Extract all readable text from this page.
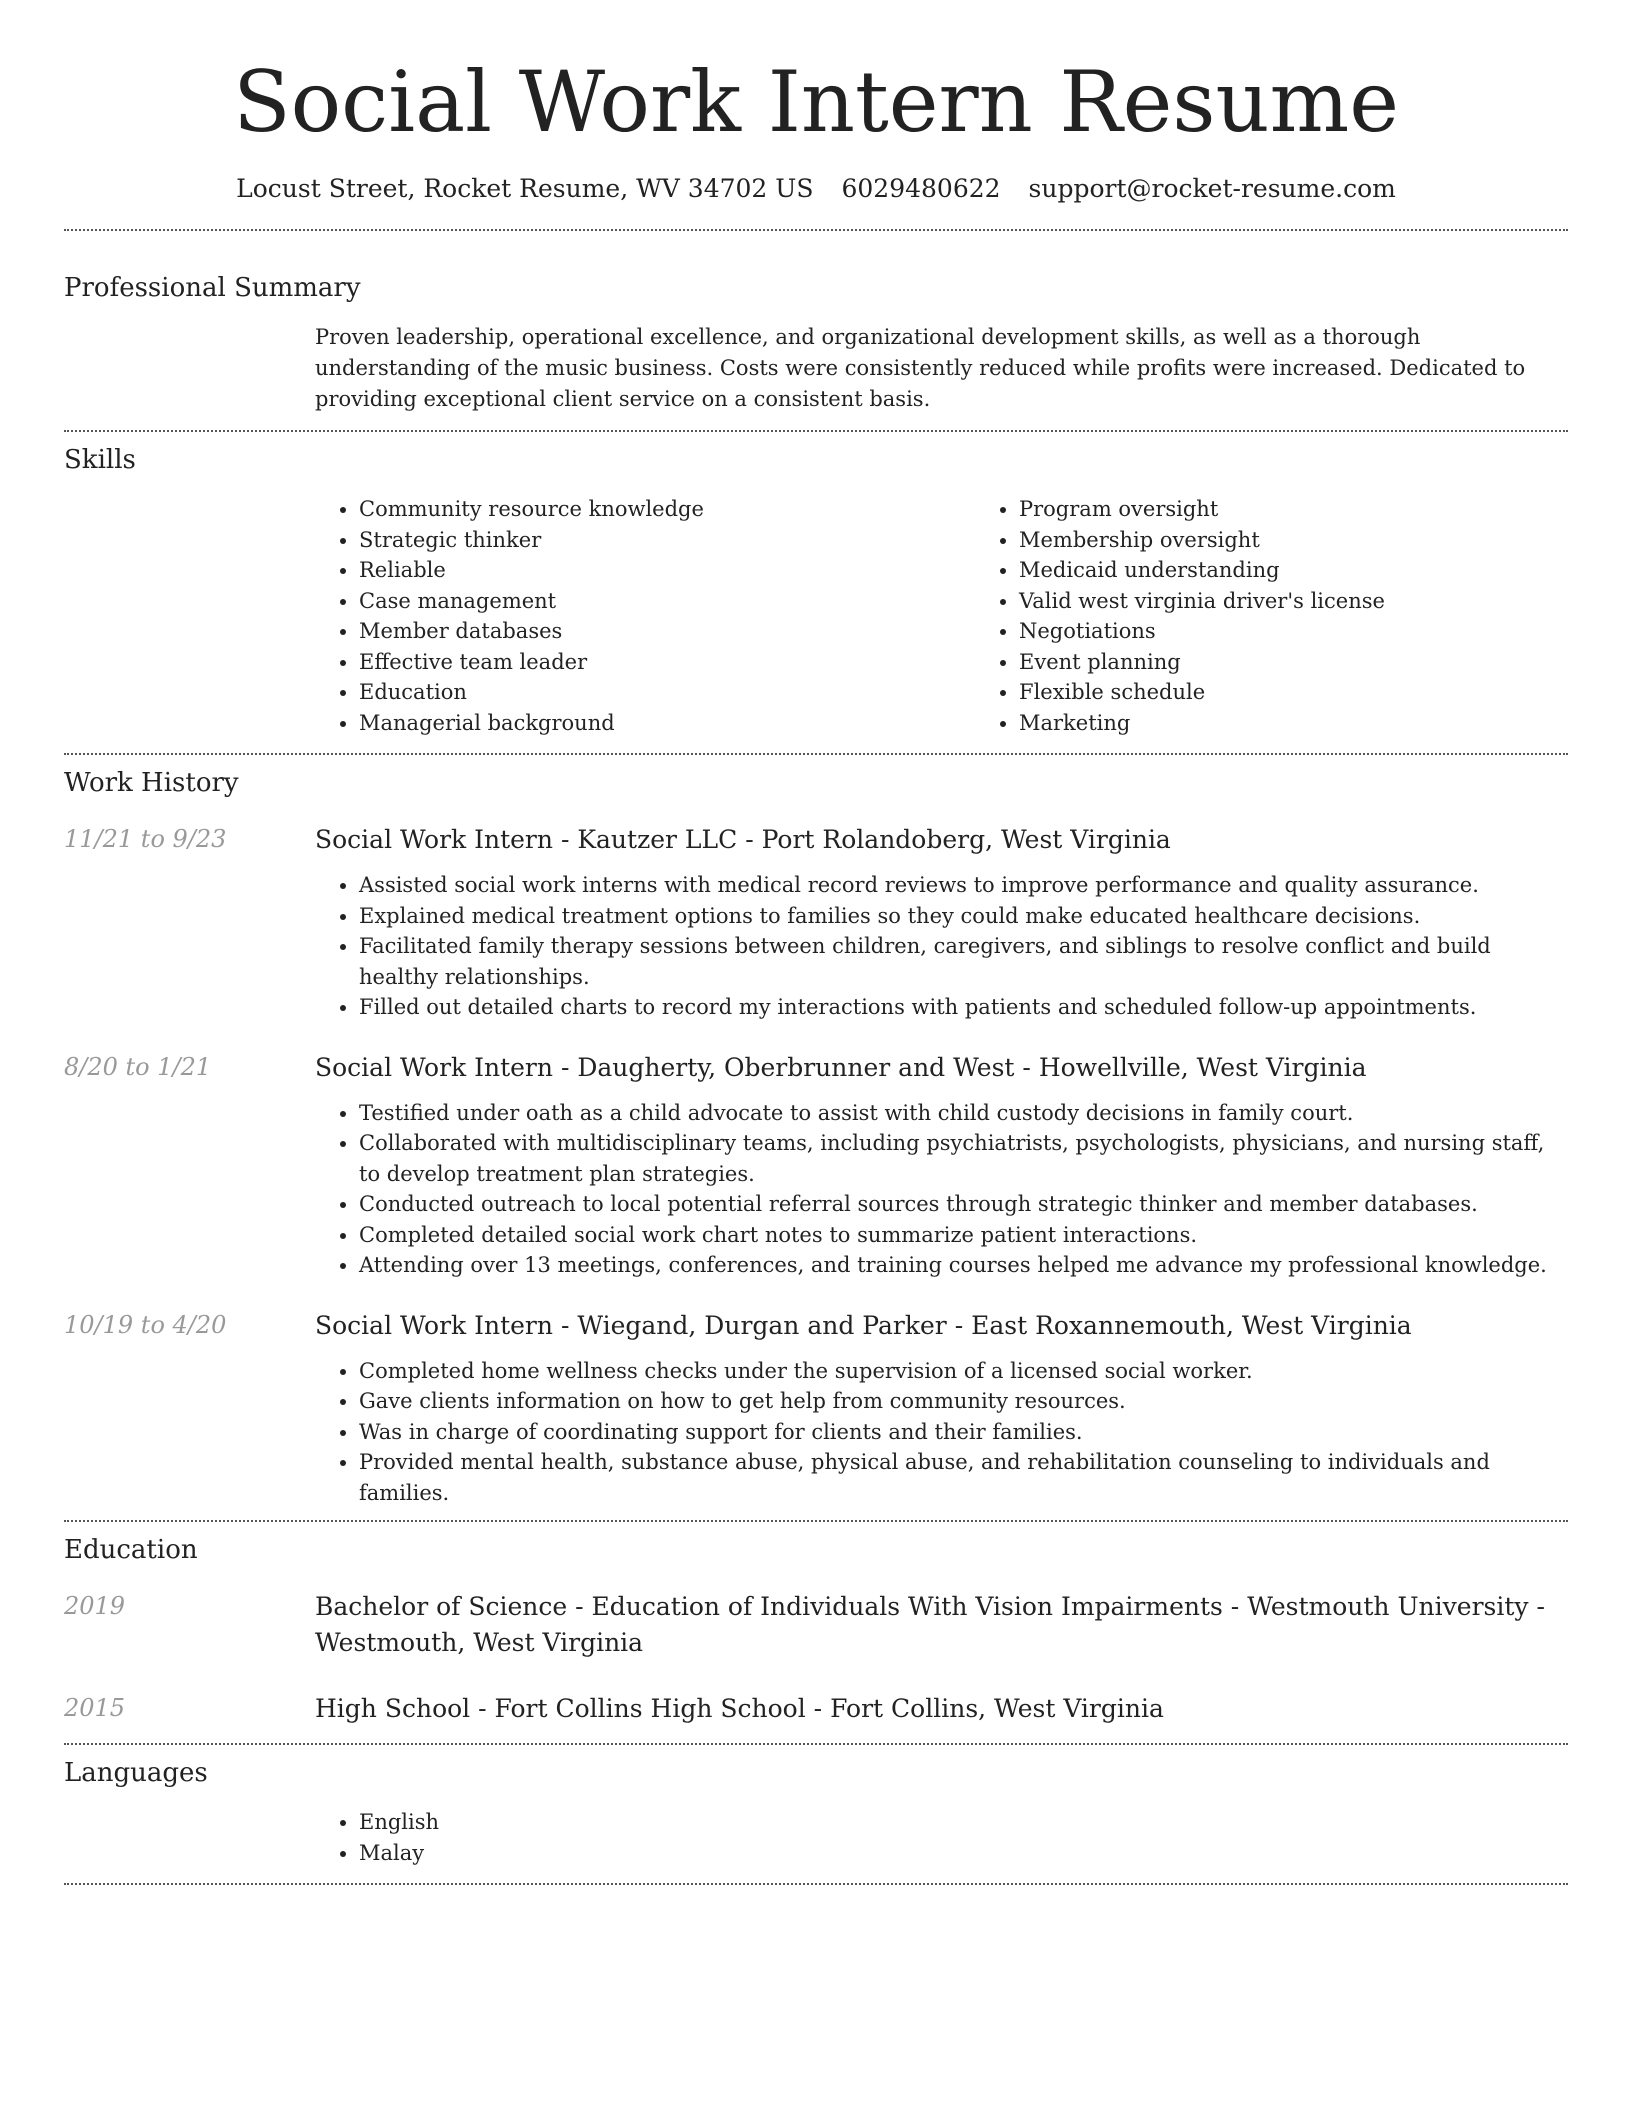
Social Work Intern Resume
Locust Street, Rocket Resume, WV 34702 US 6029480622 support@rocket-resume.com
Professional Summary

Proven leadership, operational excellence, and organizational development skills, as well as a thorough understanding of the music business. Costs were consistently reduced while profits were increased. Dedicated to providing exceptional client service on a consistent basis.

Skills
• Community resource knowledge
• Strategic thinker
• Reliable
• Case management
• Member databases
• Effective team leader
• Education
• Managerial background
• Program oversight
• Membership oversight
• Medicaid understanding
• Valid west virginia driver's license
• Negotiations
• Event planning
• Flexible schedule
• Marketing
Work History
11/21 to 9/23	Social Work Intern - Kautzer LLC - Port Rolandoberg, West Virginia
• Assisted social work interns with medical record reviews to improve performance and quality assurance.
• Explained medical treatment options to families so they could make educated healthcare decisions.
• Facilitated family therapy sessions between children, caregivers, and siblings to resolve conflict and build healthy relationships.
• Filled out detailed charts to record my interactions with patients and scheduled follow-up appointments.
8/20 to 1/21	Social Work Intern - Daugherty, Oberbrunner and West - Howellville, West Virginia
• Testified under oath as a child advocate to assist with child custody decisions in family court.
• Collaborated with multidisciplinary teams, including psychiatrists, psychologists, physicians, and nursing staff, to develop treatment plan strategies.
• Conducted outreach to local potential referral sources through strategic thinker and member databases.
• Completed detailed social work chart notes to summarize patient interactions.
• Attending over 13 meetings, conferences, and training courses helped me advance my professional knowledge.
10/19 to 4/20	Social Work Intern - Wiegand, Durgan and Parker - East Roxannemouth, West Virginia
• Completed home wellness checks under the supervision of a licensed social worker.
• Gave clients information on how to get help from community resources.
• Was in charge of coordinating support for clients and their families.
• Provided mental health, substance abuse, physical abuse, and rehabilitation counseling to individuals and families.
Education
2019	Bachelor of Science - Education of Individuals With Vision Impairments - Westmouth University -
Westmouth, West Virginia
2015	High School - Fort Collins High School - Fort Collins, West Virginia
Languages
• English
• Malay
